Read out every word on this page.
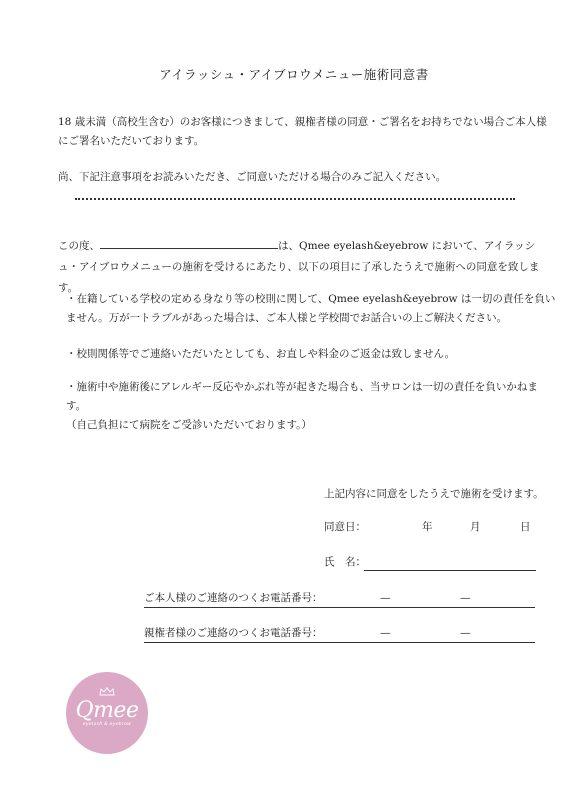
アイラッシュ・アイブロウメニュー施術同意書

18 歳未満（高校生含む）のお客様につきまして、親権者様の同意・ご署名をお持ちでない場合ご本人様にご署名いただいております。

尚、下記注意事項をお読みいただき、ご同意いただける場合のみご記入ください。

この度、	は、Qmee eyelash&eyebrow において、アイラッシュ・アイブロウメニューの施術を受けるにあたり、以下の項目に了承したうえで施術への同意を致します。

・在籍している学校の定める身なり等の校則に関して、Qmee eyelash&eyebrow は一切の責任を負いません。万が一トラブルがあった場合は、ご本人様と学校間でお話合いの上ご解決ください。

・校則関係等でご連絡いただいたとしても、お直しや料金のご返金は致しません。

・施術中や施術後にアレルギー反応やかぶれ等が起きた場合も、当サロンは一切の責任を負いかねます。
（自己負担にて病院をご受診いただいております。）
上記内容に同意をしたうえで施術を受けます。
同意日：	年	月	日
氏　名：
ご本人様のご連絡のつくお電話番号：	—	—
親権者様のご連絡のつくお電話番号：	—	—
Qmee
eyelash & eyebrow
